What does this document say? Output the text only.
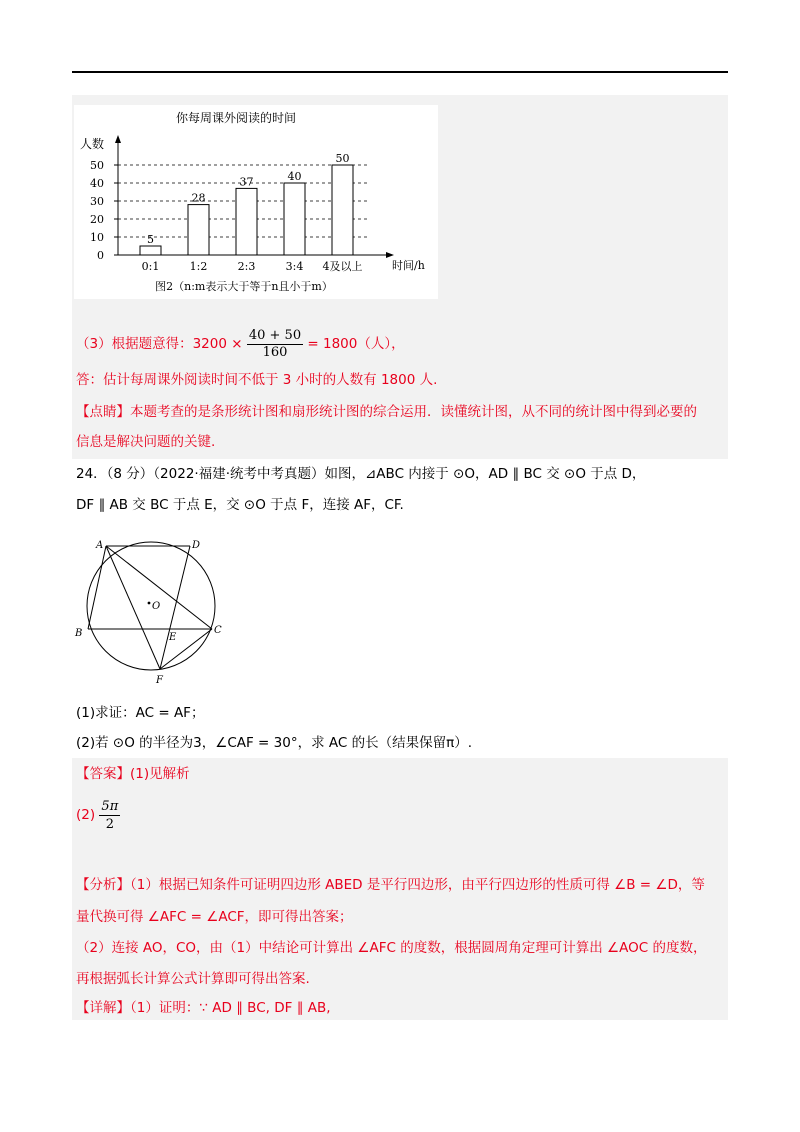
你每周课外阅读的时间
人数
时间/h
图2（n:m表示大于等于n且小于m）
5
28
37	40
50
0
10
20
30
40
50
0:1	1:2	2:3	3:4 4及以上
（3）根据题意得：$3200 \times \frac{40 + 50}{160} = 1800$（人），
答：估计每周课外阅读时间不低于 3 小时的人数有 1800 人.
【点睛】本题考查的是条形统计图和扇形统计图的综合运用．读懂统计图，从不同的统计图中得到必要的
信息是解决问题的关键.
24．（8 分）（2022·福建·统考中考真题）如图，⊿ABC 内接于 ⊙O，AD ∥ BC 交 ⊙O 于点 D，
DF ∥ AB 交 BC 于点 E，交 ⊙O 于点 F，连接 AF，CF.
A	D
B	C
E
F
O
(1)求证：AC = AF；
(2)若 ⊙O 的半径为3，∠CAF = 30°，求 AC 的长（结果保留π）.
【答案】(1)见解析
$(2) \frac{5\pi}{2}$
【分析】（1）根据已知条件可证明四边形 ABED 是平行四边形，由平行四边形的性质可得 ∠B = ∠D，等
量代换可得 ∠AFC = ∠ACF，即可得出答案；
（2）连接 AO，CO，由（1）中结论可计算出 ∠AFC 的度数，根据圆周角定理可计算出 ∠AOC 的度数，
再根据弧长计算公式计算即可得出答案.
【详解】（1）证明：∵ AD ∥ BC, DF ∥ AB,
